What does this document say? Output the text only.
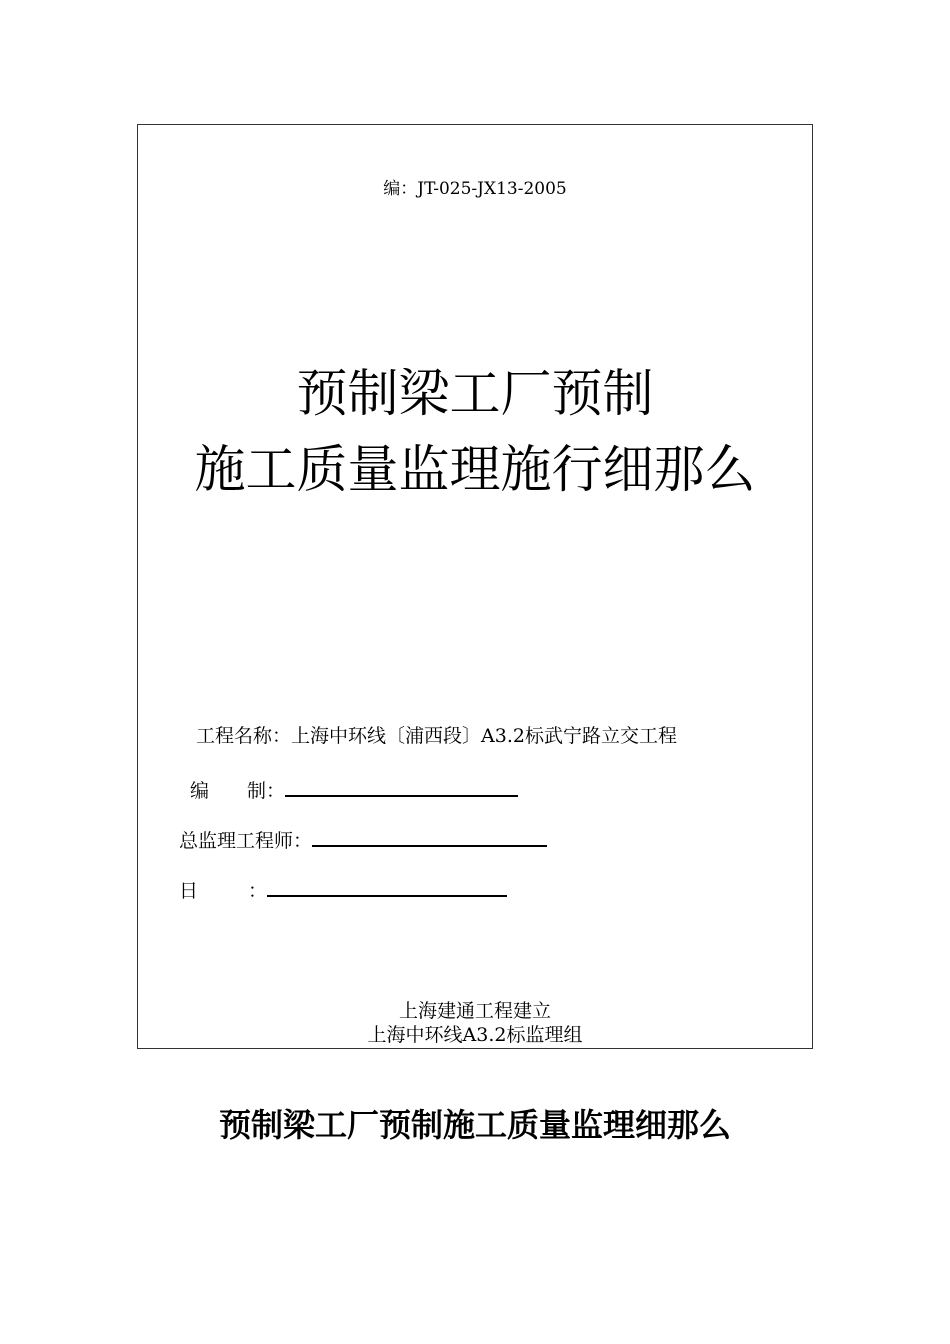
编：JT-025-JX13-2005
预制梁工厂预制
施工质量监理施行细那么
工程名称：上海中环线〔浦西段〕A3.2标武宁路立交工程
编 制：
总监理工程师：
日	：
上海建通工程建立
上海中环线A3.2标监理组
预制梁工厂预制施工质量监理细那么
